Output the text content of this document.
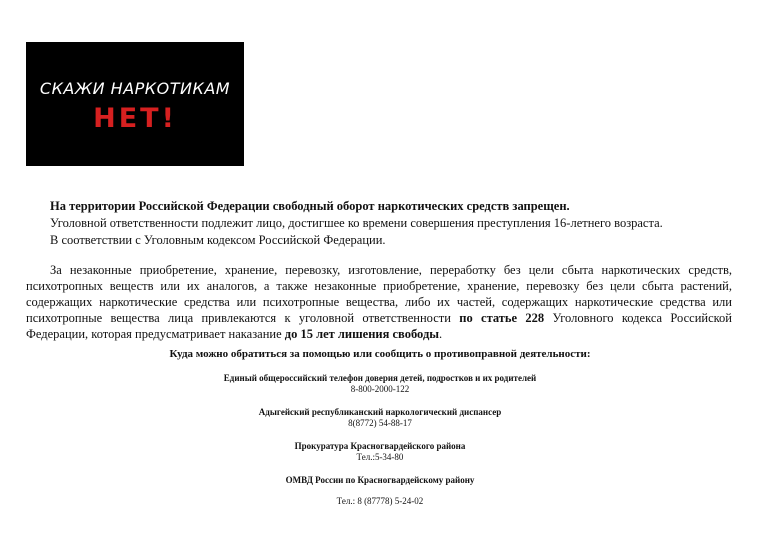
СКАЖИ НАРКОТИКАМ
НЕТ!

На территории Российской Федерации свободный оборот наркотических средств запрещен.

Уголовной ответственности подлежит лицо, достигшее ко времени совершения преступления 16-летнего возраста.

В соответствии с Уголовным кодексом Российской Федерации.

За незаконные приобретение, хранение, перевозку, изготовление, переработку без цели сбыта наркотических средств, психотропных веществ или их аналогов, а также незаконные приобретение, хранение, перевозку без цели сбыта растений, содержащих наркотические средства или психотропные вещества, либо их частей, содержащих наркотические средства или психотропные вещества лица привлекаются к уголовной ответственности по статье 228 Уголовного кодекса Российской Федерации, которая предусматривает наказание до 15 лет лишения свободы.

Куда можно обратиться за помощью или сообщить о противоправной деятельности:

Единый общероссийский телефон доверия детей, подростков и их родителей
8-800-2000-122
Адыгейский республиканский наркологический диспансер
8(8772) 54-88-17
Прокуратура Красногвардейского района
Тел.:5-34-80
ОМВД России по Красногвардейскому району
Тел.: 8 (87778) 5-24-02
